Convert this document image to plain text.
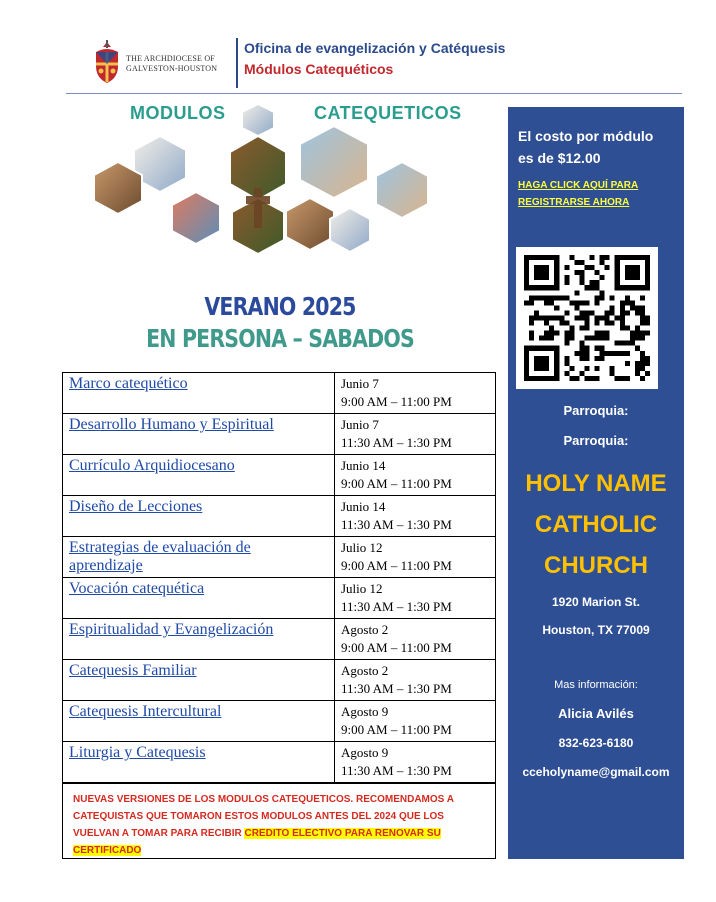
THE ARCHDIOCESE OF
GALVESTON-HOUSTON
Oficina de evangelización y Catéquesis
Módulos Catequéticos
MODULOS	CATEQUETICOS
VERANO 2025
EN PERSONA – SABADOS
Marco catequético	Junio 7
9:00 AM – 11:00 PM

Desarrollo Humano y Espiritual	Junio 7
11:30 AM – 1:30 PM

Currículo Arquidiocesano	Junio 14
9:00 AM – 11:00 PM

Diseño de Lecciones	Junio 14
11:30 AM – 1:30 PM

Estrategias de evaluación de aprendizaje	Julio 12
9:00 AM – 11:00 PM

Vocación catequética	Julio 12
11:30 AM – 1:30 PM

Espiritualidad y Evangelización	Agosto 2
9:00 AM – 11:00 PM

Catequesis Familiar	Agosto 2
11:30 AM – 1:30 PM

Catequesis Intercultural	Agosto 9
9:00 AM – 11:00 PM

Liturgia y Catequesis	Agosto 9
11:30 AM – 1:30 PM
NUEVAS VERSIONES DE LOS MODULOS CATEQUETICOS. RECOMENDAMOS A CATEQUISTAS QUE TOMARON ESTOS MODULOS ANTES DEL 2024 QUE LOS VUELVAN A TOMAR PARA RECIBIR CREDITO ELECTIVO PARA RENOVAR SU CERTIFICADO
El costo por módulo
es de $12.00
HAGA CLICK AQUÍ PARA
REGISTRARSE AHORA
Parroquia:
Parroquia:
HOLY NAME
CATHOLIC
CHURCH
1920 Marion St.
Houston, TX 77009
Mas información:
Alicia Avilés
832-623-6180
cceholyname@gmail.com
